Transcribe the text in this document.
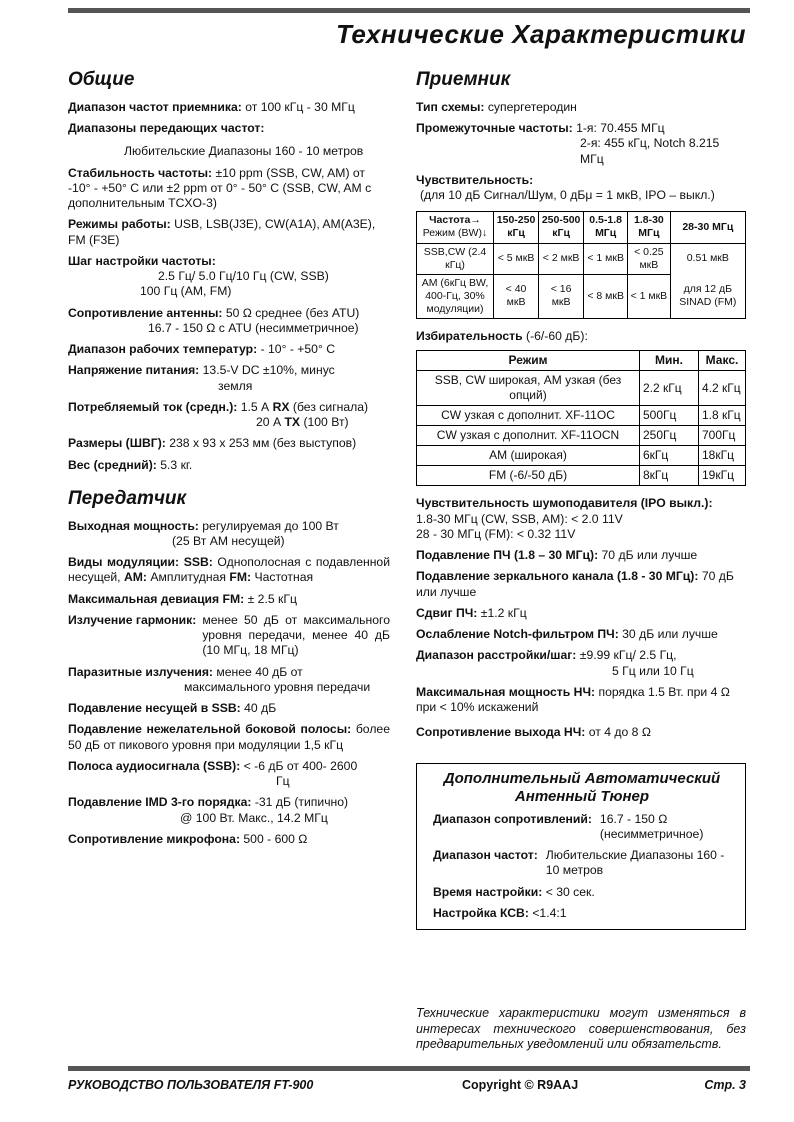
Технические Характеристики
Общие
Диапазон частот приемника: от 100 кГц - 30 МГц
Диапазоны передающих частот:
Любительские Диапазоны 160 - 10 метров
Стабильность частоты: ±10 ppm (SSB, CW, AM) от -10° - +50° С или ±2 ppm от 0° - 50° С (SSB, CW, AM с дополнительным TCXO-3)
Режимы работы: USB, LSB(J3E), CW(A1A), AM(A3E), FM (F3E)
Шаг настройки частоты:
2.5 Гц/ 5.0 Гц/10 Гц (CW, SSB)
100 Гц (AM, FM)
Сопротивление антенны: 50 Ω среднее (без ATU)
16.7 - 150 Ω с ATU (несимметричное)
Диапазон рабочих температур: - 10° - +50° С
Напряжение питания: 13.5-V DC ±10%, минус
земля
Потребляемый ток (средн.): 1.5 А RX (без сигнала)
20 А TX (100 Вт)
Размеры (ШВГ): 238 x 93 x 253 мм (без выступов)
Вес (средний): 5.3 кг.
Передатчик
Выходная мощность: регулируемая до 100 Вт
(25 Вт АМ несущей)
Виды модуляции: SSB: Однополосная с подавленной несущей, AM: Амплитудная FM: Частотная
Максимальная девиация FM: ± 2.5 кГц
Излучение гармоник: менее 50 дБ от максимального уровня передачи, менее 40 дБ (10 МГц, 18 МГц)
Паразитные излучения: менее 40 дБ от
максимального уровня передачи
Подавление несущей в SSB: 40 дБ
Подавление нежелательной боковой полосы: более 50 дБ от пикового уровня при модуляции 1,5 кГц
Полоса аудиосигнала (SSB): < -6 дБ от 400- 2600
Гц
Подавление IMD 3-го порядка: -31 дБ (типично)
@ 100 Вт. Макс., 14.2 МГц
Сопротивление микрофона: 500 - 600 Ω
Приемник
Тип схемы: супергетеродин
Промежуточные частоты: 1-я: 70.455 МГц
2-я: 455 кГц, Notch 8.215 МГц
Чувствительность:
(для 10 дБ Сигнал/Шум, 0 дБμ = 1 мкВ, IPO – выкл.)
Частота→
Режим (BW)↓	150-250 кГц	250-500 кГц	0.5-1.8 МГц	1.8-30 МГц	28-30 МГц
SSB,CW (2.4 кГц)	< 5 мкВ	< 2 мкВ	< 1 мкВ	< 0.25 мкВ	0.51 мкВ
AM (6кГц BW, 400-Гц, 30% модуляции)	< 40 мкВ	< 16 мкВ	< 8 мкВ	< 1 мкВ	для 12 дБ SINAD (FM)
Избирательность (-6/-60 дБ):
Режим	Мин.	Макс.
SSB, CW широкая, AM узкая (без опций)	2.2 кГц	4.2 кГц
CW узкая с дополнит. XF-11OC	500Гц	1.8 кГц
CW узкая с дополнит. XF-11OCN	250Гц	700Гц
AM (широкая)	6кГц	18кГц
FM (-6/-50 дБ)	8кГц	19кГц
Чувствительность шумоподавителя (IPO выкл.):
1.8-30 МГц (CW, SSB, AM): < 2.0 11V
28 - 30 МГц (FM): < 0.32 11V
Подавление ПЧ (1.8 – 30 МГц): 70 дБ или лучше
Подавление зеркального канала (1.8 - 30 МГц): 70 дБ или лучше
Сдвиг ПЧ: ±1.2 кГц
Ослабление Notch-фильтром ПЧ: 30 дБ или лучше
Диапазон расстройки/шаг: ±9.99 кГц/ 2.5 Гц,
5 Гц или 10 Гц
Максимальная мощность НЧ: порядка 1.5 Вт. при 4 Ω при < 10% искажений
Сопротивление выхода НЧ: от 4 до 8 Ω
Дополнительный Автоматический
Антенный Тюнер
Диапазон сопротивлений: 16.7 - 150 Ω (несимметричное)
Диапазон частот: Любительские Диапазоны 160 - 10 метров
Время настройки: < 30 сек.
Настройка КСВ: <1.4:1
Технические характеристики могут изменяться в интересах технического совершенствования, без предварительных уведомлений или обязательств.
РУКОВОДСТВО ПОЛЬЗОВАТЕЛЯ FT-900	Copyright © R9AAJ	Стр. 3
